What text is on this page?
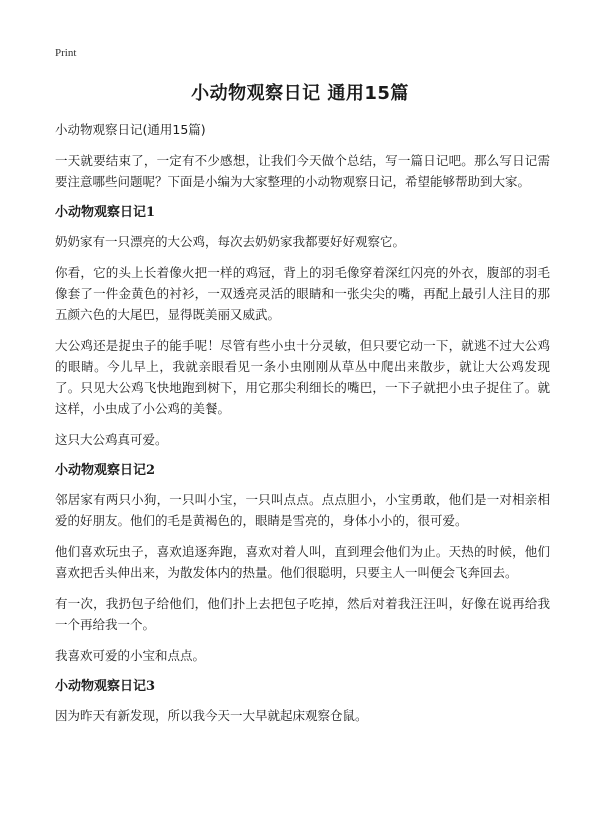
Print
小动物观察日记 通用15篇

小动物观察日记(通用15篇)

一天就要结束了，一定有不少感想，让我们今天做个总结，写一篇日记吧。那么写日记需要注意哪些问题呢？下面是小编为大家整理的小动物观察日记，希望能够帮助到大家。

小动物观察日记1

奶奶家有一只漂亮的大公鸡，每次去奶奶家我都要好好观察它。

你看，它的头上长着像火把一样的鸡冠，背上的羽毛像穿着深红闪亮的外衣，腹部的羽毛像套了一件金黄色的衬衫，一双透亮灵活的眼睛和一张尖尖的嘴，再配上最引人注目的那五颜六色的大尾巴，显得既美丽又威武。

大公鸡还是捉虫子的能手呢！尽管有些小虫十分灵敏，但只要它动一下，就逃不过大公鸡的眼睛。今儿早上，我就亲眼看见一条小虫刚刚从草丛中爬出来散步，就让大公鸡发现了。只见大公鸡飞快地跑到树下，用它那尖利细长的嘴巴，一下子就把小虫子捉住了。就这样，小虫成了小公鸡的美餐。

这只大公鸡真可爱。

小动物观察日记2

邻居家有两只小狗，一只叫小宝，一只叫点点。点点胆小，小宝勇敢，他们是一对相亲相爱的好朋友。他们的毛是黄褐色的，眼睛是雪亮的，身体小小的，很可爱。

他们喜欢玩虫子，喜欢追逐奔跑，喜欢对着人叫，直到理会他们为止。天热的时候，他们喜欢把舌头伸出来，为散发体内的热量。他们很聪明，只要主人一叫便会飞奔回去。

有一次，我扔包子给他们，他们扑上去把包子吃掉，然后对着我汪汪叫，好像在说再给我一个再给我一个。

我喜欢可爱的小宝和点点。

小动物观察日记3

因为昨天有新发现，所以我今天一大早就起床观察仓鼠。
